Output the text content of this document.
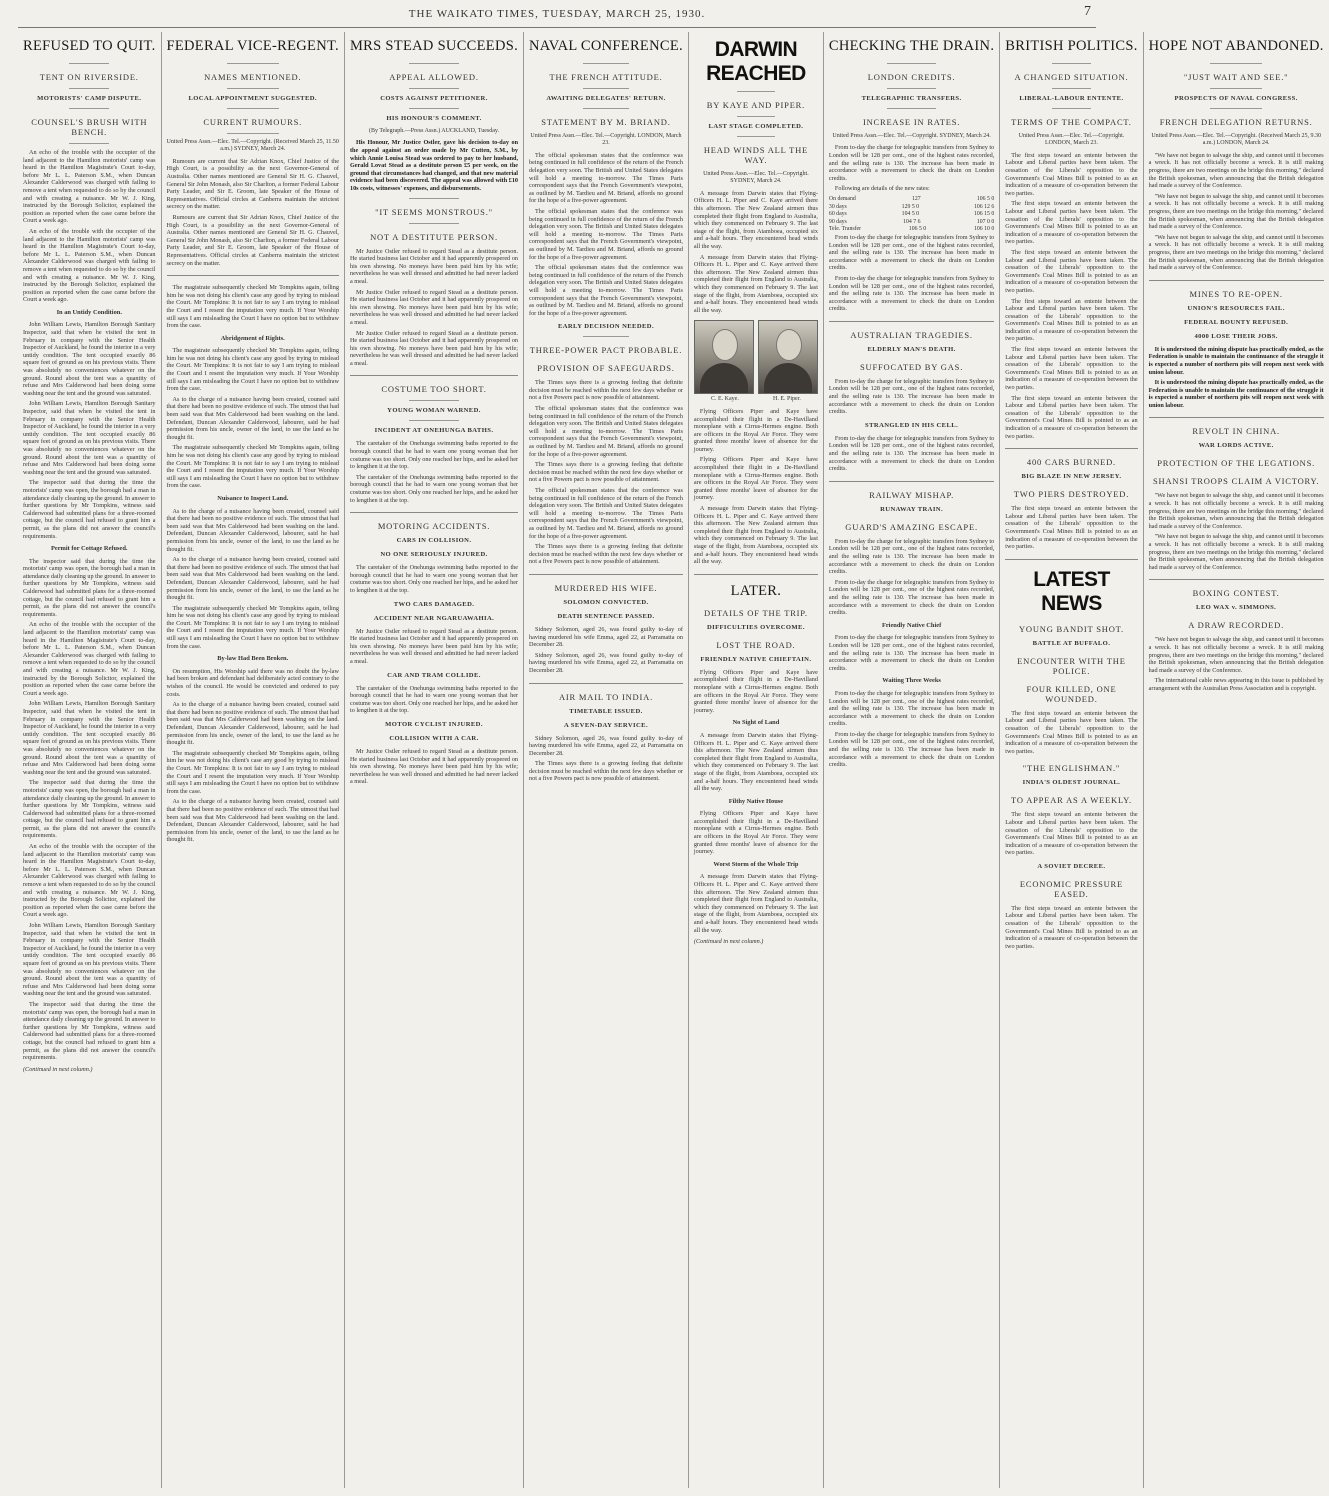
THE WAIKATO TIMES, TUESDAY, MARCH 25, 1930.	7
REFUSED TO QUIT.
TENT ON RIVERSIDE.
MOTORISTS' CAMP DISPUTE.
COUNSEL'S BRUSH WITH BENCH.

An echo of the trouble with the occupier of the land adjacent to the Hamilton motorists' camp was heard in the Hamilton Magistrate's Court to-day, before Mr L. L. Paterson S.M., when Duncan Alexander Calderwood was charged with failing to remove a tent when requested to do so by the council and with creating a nuisance. Mr W. J. King, instructed by the Borough Solicitor, explained the position as reported when the case came before the Court a week ago.

An echo of the trouble with the occupier of the land adjacent to the Hamilton motorists' camp was heard in the Hamilton Magistrate's Court to-day, before Mr L. L. Paterson S.M., when Duncan Alexander Calderwood was charged with failing to remove a tent when requested to do so by the council and with creating a nuisance. Mr W. J. King, instructed by the Borough Solicitor, explained the position as reported when the case came before the Court a week ago.

In an Untidy Condition.

John William Lewis, Hamilton Borough Sanitary Inspector, said that when he visited the tent in February in company with the Senior Health Inspector of Auckland, he found the interior in a very untidy condition. The tent occupied exactly 86 square feet of ground as on his previous visits. There was absolutely no conveniences whatever on the ground. Round about the tent was a quantity of refuse and Mrs Calderwood had been doing some washing near the tent and the ground was saturated.

John William Lewis, Hamilton Borough Sanitary Inspector, said that when he visited the tent in February in company with the Senior Health Inspector of Auckland, he found the interior in a very untidy condition. The tent occupied exactly 86 square feet of ground as on his previous visits. There was absolutely no conveniences whatever on the ground. Round about the tent was a quantity of refuse and Mrs Calderwood had been doing some washing near the tent and the ground was saturated.

The inspector said that during the time the motorists' camp was open, the borough had a man in attendance daily cleaning up the ground. In answer to further questions by Mr Tompkins, witness said Calderwood had submitted plans for a three-roomed cottage, but the council had refused to grant him a permit, as the plans did not answer the council's requirements.

Permit for Cottage Refused.

The inspector said that during the time the motorists' camp was open, the borough had a man in attendance daily cleaning up the ground. In answer to further questions by Mr Tompkins, witness said Calderwood had submitted plans for a three-roomed cottage, but the council had refused to grant him a permit, as the plans did not answer the council's requirements.

An echo of the trouble with the occupier of the land adjacent to the Hamilton motorists' camp was heard in the Hamilton Magistrate's Court to-day, before Mr L. L. Paterson S.M., when Duncan Alexander Calderwood was charged with failing to remove a tent when requested to do so by the council and with creating a nuisance. Mr W. J. King, instructed by the Borough Solicitor, explained the position as reported when the case came before the Court a week ago.

John William Lewis, Hamilton Borough Sanitary Inspector, said that when he visited the tent in February in company with the Senior Health Inspector of Auckland, he found the interior in a very untidy condition. The tent occupied exactly 86 square feet of ground as on his previous visits. There was absolutely no conveniences whatever on the ground. Round about the tent was a quantity of refuse and Mrs Calderwood had been doing some washing near the tent and the ground was saturated.

The inspector said that during the time the motorists' camp was open, the borough had a man in attendance daily cleaning up the ground. In answer to further questions by Mr Tompkins, witness said Calderwood had submitted plans for a three-roomed cottage, but the council had refused to grant him a permit, as the plans did not answer the council's requirements.

An echo of the trouble with the occupier of the land adjacent to the Hamilton motorists' camp was heard in the Hamilton Magistrate's Court to-day, before Mr L. L. Paterson S.M., when Duncan Alexander Calderwood was charged with failing to remove a tent when requested to do so by the council and with creating a nuisance. Mr W. J. King, instructed by the Borough Solicitor, explained the position as reported when the case came before the Court a week ago.

John William Lewis, Hamilton Borough Sanitary Inspector, said that when he visited the tent in February in company with the Senior Health Inspector of Auckland, he found the interior in a very untidy condition. The tent occupied exactly 86 square feet of ground as on his previous visits. There was absolutely no conveniences whatever on the ground. Round about the tent was a quantity of refuse and Mrs Calderwood had been doing some washing near the tent and the ground was saturated.

The inspector said that during the time the motorists' camp was open, the borough had a man in attendance daily cleaning up the ground. In answer to further questions by Mr Tompkins, witness said Calderwood had submitted plans for a three-roomed cottage, but the council had refused to grant him a permit, as the plans did not answer the council's requirements.

(Continued in next column.)
FEDERAL VICE-REGENT.
NAMES MENTIONED.
LOCAL APPOINTMENT SUGGESTED.
CURRENT RUMOURS.
United Press Assn.—Elec. Tel.—Copyright. (Received March 25, 11.50 a.m.) SYDNEY, March 24.

Rumours are current that Sir Adrian Knox, Chief Justice of the High Court, is a possibility as the next Governor-General of Australia. Other names mentioned are General Sir H. G. Chauvel, General Sir John Monash, also Sir Charlton, a former Federal Labour Party Leader, and Sir E. Groom, late Speaker of the House of Representatives. Official circles at Canberra maintain the strictest secrecy on the matter.

Rumours are current that Sir Adrian Knox, Chief Justice of the High Court, is a possibility as the next Governor-General of Australia. Other names mentioned are General Sir H. G. Chauvel, General Sir John Monash, also Sir Charlton, a former Federal Labour Party Leader, and Sir E. Groom, late Speaker of the House of Representatives. Official circles at Canberra maintain the strictest secrecy on the matter.

The magistrate subsequently checked Mr Tompkins again, telling him he was not doing his client's case any good by trying to mislead the Court. Mr Tompkins: It is not fair to say I am trying to mislead the Court and I resent the imputation very much. If Your Worship still says I am misleading the Court I have no option but to withdraw from the case.

Abridgement of Rights.

The magistrate subsequently checked Mr Tompkins again, telling him he was not doing his client's case any good by trying to mislead the Court. Mr Tompkins: It is not fair to say I am trying to mislead the Court and I resent the imputation very much. If Your Worship still says I am misleading the Court I have no option but to withdraw from the case.

As to the charge of a nuisance having been created, counsel said that there had been no positive evidence of such. The utmost that had been said was that Mrs Calderwood had been washing on the land. Defendant, Duncan Alexander Calderwood, labourer, said he had permission from his uncle, owner of the land, to use the land as he thought fit.

The magistrate subsequently checked Mr Tompkins again, telling him he was not doing his client's case any good by trying to mislead the Court. Mr Tompkins: It is not fair to say I am trying to mislead the Court and I resent the imputation very much. If Your Worship still says I am misleading the Court I have no option but to withdraw from the case.

Nuisance to Inspect Land.

As to the charge of a nuisance having been created, counsel said that there had been no positive evidence of such. The utmost that had been said was that Mrs Calderwood had been washing on the land. Defendant, Duncan Alexander Calderwood, labourer, said he had permission from his uncle, owner of the land, to use the land as he thought fit.

As to the charge of a nuisance having been created, counsel said that there had been no positive evidence of such. The utmost that had been said was that Mrs Calderwood had been washing on the land. Defendant, Duncan Alexander Calderwood, labourer, said he had permission from his uncle, owner of the land, to use the land as he thought fit.

The magistrate subsequently checked Mr Tompkins again, telling him he was not doing his client's case any good by trying to mislead the Court. Mr Tompkins: It is not fair to say I am trying to mislead the Court and I resent the imputation very much. If Your Worship still says I am misleading the Court I have no option but to withdraw from the case.

By-law Had Been Broken.

On resumption, His Worship said there was no doubt the by-law had been broken and defendant had deliberately acted contrary to the wishes of the council. He would be convicted and ordered to pay costs.

As to the charge of a nuisance having been created, counsel said that there had been no positive evidence of such. The utmost that had been said was that Mrs Calderwood had been washing on the land. Defendant, Duncan Alexander Calderwood, labourer, said he had permission from his uncle, owner of the land, to use the land as he thought fit.

The magistrate subsequently checked Mr Tompkins again, telling him he was not doing his client's case any good by trying to mislead the Court. Mr Tompkins: It is not fair to say I am trying to mislead the Court and I resent the imputation very much. If Your Worship still says I am misleading the Court I have no option but to withdraw from the case.

As to the charge of a nuisance having been created, counsel said that there had been no positive evidence of such. The utmost that had been said was that Mrs Calderwood had been washing on the land. Defendant, Duncan Alexander Calderwood, labourer, said he had permission from his uncle, owner of the land, to use the land as he thought fit.

MRS STEAD SUCCEEDS.
APPEAL ALLOWED.
COSTS AGAINST PETITIONER.
HIS HONOUR'S COMMENT.
(By Telegraph.—Press Assn.) AUCKLAND, Tuesday.

His Honour, Mr Justice Ostler, gave his decision to-day on the appeal against an order made by Mr Cutten, S.M., by which Annie Louisa Stead was ordered to pay to her husband, Gerald Lovat Stead as a destitute person £5 per week, on the ground that circumstances had changed, and that new material evidence had been discovered. The appeal was allowed with £10 10s costs, witnesses' expenses, and disbursements.

"IT SEEMS MONSTROUS."
NOT A DESTITUTE PERSON.

Mr Justice Ostler refused to regard Stead as a destitute person. He started business last October and it had apparently prospered on his own showing. No moneys have been paid him by his wife; nevertheless he was well dressed and admitted he had never lacked a meal.

Mr Justice Ostler refused to regard Stead as a destitute person. He started business last October and it had apparently prospered on his own showing. No moneys have been paid him by his wife; nevertheless he was well dressed and admitted he had never lacked a meal.

Mr Justice Ostler refused to regard Stead as a destitute person. He started business last October and it had apparently prospered on his own showing. No moneys have been paid him by his wife; nevertheless he was well dressed and admitted he had never lacked a meal.

COSTUME TOO SHORT.
YOUNG WOMAN WARNED.
INCIDENT AT ONEHUNGA BATHS.

The caretaker of the Onehunga swimming baths reported to the borough council that he had to warn one young woman that her costume was too short. Only one reached her hips, and he asked her to lengthen it at the top.

The caretaker of the Onehunga swimming baths reported to the borough council that he had to warn one young woman that her costume was too short. Only one reached her hips, and he asked her to lengthen it at the top.

MOTORING ACCIDENTS.
CARS IN COLLISION.
NO ONE SERIOUSLY INJURED.

The caretaker of the Onehunga swimming baths reported to the borough council that he had to warn one young woman that her costume was too short. Only one reached her hips, and he asked her to lengthen it at the top.

TWO CARS DAMAGED.
ACCIDENT NEAR NGARUAWAHIA.

Mr Justice Ostler refused to regard Stead as a destitute person. He started business last October and it had apparently prospered on his own showing. No moneys have been paid him by his wife; nevertheless he was well dressed and admitted he had never lacked a meal.

CAR AND TRAM COLLIDE.

The caretaker of the Onehunga swimming baths reported to the borough council that he had to warn one young woman that her costume was too short. Only one reached her hips, and he asked her to lengthen it at the top.

MOTOR CYCLIST INJURED.
COLLISION WITH A CAR.

Mr Justice Ostler refused to regard Stead as a destitute person. He started business last October and it had apparently prospered on his own showing. No moneys have been paid him by his wife; nevertheless he was well dressed and admitted he had never lacked a meal.

NAVAL CONFERENCE.
THE FRENCH ATTITUDE.
AWAITING DELEGATES' RETURN.
STATEMENT BY M. BRIAND.
United Press Assn.—Elec. Tel.—Copyright. LONDON, March 23.

The official spokesman states that the conference was being continued in full confidence of the return of the French delegation very soon. The British and United States delegates will hold a meeting to-morrow. The Times Paris correspondent says that the French Government's viewpoint, as outlined by M. Tardieu and M. Briand, affords no ground for the hope of a five-power agreement.

The official spokesman states that the conference was being continued in full confidence of the return of the French delegation very soon. The British and United States delegates will hold a meeting to-morrow. The Times Paris correspondent says that the French Government's viewpoint, as outlined by M. Tardieu and M. Briand, affords no ground for the hope of a five-power agreement.

The official spokesman states that the conference was being continued in full confidence of the return of the French delegation very soon. The British and United States delegates will hold a meeting to-morrow. The Times Paris correspondent says that the French Government's viewpoint, as outlined by M. Tardieu and M. Briand, affords no ground for the hope of a five-power agreement.

EARLY DECISION NEEDED.
THREE-POWER PACT PROBABLE.
PROVISION OF SAFEGUARDS.

The Times says there is a growing feeling that definite decision must be reached within the next few days whether or not a five Powers pact is now possible of attainment.

The official spokesman states that the conference was being continued in full confidence of the return of the French delegation very soon. The British and United States delegates will hold a meeting to-morrow. The Times Paris correspondent says that the French Government's viewpoint, as outlined by M. Tardieu and M. Briand, affords no ground for the hope of a five-power agreement.

The Times says there is a growing feeling that definite decision must be reached within the next few days whether or not a five Powers pact is now possible of attainment.

The official spokesman states that the conference was being continued in full confidence of the return of the French delegation very soon. The British and United States delegates will hold a meeting to-morrow. The Times Paris correspondent says that the French Government's viewpoint, as outlined by M. Tardieu and M. Briand, affords no ground for the hope of a five-power agreement.

The Times says there is a growing feeling that definite decision must be reached within the next few days whether or not a five Powers pact is now possible of attainment.

MURDERED HIS WIFE.
SOLOMON CONVICTED.
DEATH SENTENCE PASSED.

Sidney Solomon, aged 26, was found guilty to-day of having murdered his wife Emma, aged 22, at Parramatta on December 28.

Sidney Solomon, aged 26, was found guilty to-day of having murdered his wife Emma, aged 22, at Parramatta on December 28.

AIR MAIL TO INDIA.
TIMETABLE ISSUED.
A SEVEN-DAY SERVICE.

Sidney Solomon, aged 26, was found guilty to-day of having murdered his wife Emma, aged 22, at Parramatta on December 28.

The Times says there is a growing feeling that definite decision must be reached within the next few days whether or not a five Powers pact is now possible of attainment.

DARWIN REACHED
BY KAYE AND PIPER.
LAST STAGE COMPLETED.
HEAD WINDS ALL THE WAY.
United Press Assn.—Elec. Tel.—Copyright. SYDNEY, March 24.

A message from Darwin states that Flying-Officers H. L. Piper and C. Kaye arrived there this afternoon. The New Zealand airmen thus completed their flight from England to Australia, which they commenced on February 9. The last stage of the flight, from Atamboea, occupied six and a-half hours. They encountered head winds all the way.

A message from Darwin states that Flying-Officers H. L. Piper and C. Kaye arrived there this afternoon. The New Zealand airmen thus completed their flight from England to Australia, which they commenced on February 9. The last stage of the flight, from Atamboea, occupied six and a-half hours. They encountered head winds all the way.

C. E. Kaye.	H. E. Piper.

Flying Officers Piper and Kaye have accomplished their flight in a De-Havilland monoplane with a Cirrus-Hermes engine. Both are officers in the Royal Air Force. They were granted three months' leave of absence for the journey.

Flying Officers Piper and Kaye have accomplished their flight in a De-Havilland monoplane with a Cirrus-Hermes engine. Both are officers in the Royal Air Force. They were granted three months' leave of absence for the journey.

A message from Darwin states that Flying-Officers H. L. Piper and C. Kaye arrived there this afternoon. The New Zealand airmen thus completed their flight from England to Australia, which they commenced on February 9. The last stage of the flight, from Atamboea, occupied six and a-half hours. They encountered head winds all the way.

LATER.
DETAILS OF THE TRIP.
DIFFICULTIES OVERCOME.
LOST THE ROAD.
FRIENDLY NATIVE CHIEFTAIN.

Flying Officers Piper and Kaye have accomplished their flight in a De-Havilland monoplane with a Cirrus-Hermes engine. Both are officers in the Royal Air Force. They were granted three months' leave of absence for the journey.

No Sight of Land

A message from Darwin states that Flying-Officers H. L. Piper and C. Kaye arrived there this afternoon. The New Zealand airmen thus completed their flight from England to Australia, which they commenced on February 9. The last stage of the flight, from Atamboea, occupied six and a-half hours. They encountered head winds all the way.

Filthy Native House

Flying Officers Piper and Kaye have accomplished their flight in a De-Havilland monoplane with a Cirrus-Hermes engine. Both are officers in the Royal Air Force. They were granted three months' leave of absence for the journey.

Worst Storm of the Whole Trip

A message from Darwin states that Flying-Officers H. L. Piper and C. Kaye arrived there this afternoon. The New Zealand airmen thus completed their flight from England to Australia, which they commenced on February 9. The last stage of the flight, from Atamboea, occupied six and a-half hours. They encountered head winds all the way.

(Continued in next column.)
CHECKING THE DRAIN.
LONDON CREDITS.
TELEGRAPHIC TRANSFERS.
INCREASE IN RATES.
United Press Assn.—Elec. Tel.—Copyright. SYDNEY, March 24.

From to-day the charge for telegraphic transfers from Sydney to London will be 128 per cent., one of the highest rates recorded, and the selling rate is 130. The increase has been made in accordance with a movement to check the drain on London credits.

Following are details of the new rates:

On demand	127	106 5 0
30 days	129 5 0	106 12 6
60 days	104 5 0	106 15 0
90 days	104 7 6	107 0 0
Tele. Transfer	106 5 0	106 10 0

From to-day the charge for telegraphic transfers from Sydney to London will be 128 per cent., one of the highest rates recorded, and the selling rate is 130. The increase has been made in accordance with a movement to check the drain on London credits.

From to-day the charge for telegraphic transfers from Sydney to London will be 128 per cent., one of the highest rates recorded, and the selling rate is 130. The increase has been made in accordance with a movement to check the drain on London credits.

AUSTRALIAN TRAGEDIES.
ELDERLY MAN'S DEATH.
SUFFOCATED BY GAS.

From to-day the charge for telegraphic transfers from Sydney to London will be 128 per cent., one of the highest rates recorded, and the selling rate is 130. The increase has been made in accordance with a movement to check the drain on London credits.

STRANGLED IN HIS CELL.

From to-day the charge for telegraphic transfers from Sydney to London will be 128 per cent., one of the highest rates recorded, and the selling rate is 130. The increase has been made in accordance with a movement to check the drain on London credits.

RAILWAY MISHAP.
RUNAWAY TRAIN.
GUARD'S AMAZING ESCAPE.

From to-day the charge for telegraphic transfers from Sydney to London will be 128 per cent., one of the highest rates recorded, and the selling rate is 130. The increase has been made in accordance with a movement to check the drain on London credits.

From to-day the charge for telegraphic transfers from Sydney to London will be 128 per cent., one of the highest rates recorded, and the selling rate is 130. The increase has been made in accordance with a movement to check the drain on London credits.

Friendly Native Chief

From to-day the charge for telegraphic transfers from Sydney to London will be 128 per cent., one of the highest rates recorded, and the selling rate is 130. The increase has been made in accordance with a movement to check the drain on London credits.

Waiting Three Weeks

From to-day the charge for telegraphic transfers from Sydney to London will be 128 per cent., one of the highest rates recorded, and the selling rate is 130. The increase has been made in accordance with a movement to check the drain on London credits.

From to-day the charge for telegraphic transfers from Sydney to London will be 128 per cent., one of the highest rates recorded, and the selling rate is 130. The increase has been made in accordance with a movement to check the drain on London credits.

BRITISH POLITICS.
A CHANGED SITUATION.
LIBERAL-LABOUR ENTENTE.
TERMS OF THE COMPACT.
United Press Assn.—Elec. Tel.—Copyright. LONDON, March 23.

The first steps toward an entente between the Labour and Liberal parties have been taken. The cessation of the Liberals' opposition to the Government's Coal Mines Bill is pointed to as an indication of a measure of co-operation between the two parties.

The first steps toward an entente between the Labour and Liberal parties have been taken. The cessation of the Liberals' opposition to the Government's Coal Mines Bill is pointed to as an indication of a measure of co-operation between the two parties.

The first steps toward an entente between the Labour and Liberal parties have been taken. The cessation of the Liberals' opposition to the Government's Coal Mines Bill is pointed to as an indication of a measure of co-operation between the two parties.

The first steps toward an entente between the Labour and Liberal parties have been taken. The cessation of the Liberals' opposition to the Government's Coal Mines Bill is pointed to as an indication of a measure of co-operation between the two parties.

The first steps toward an entente between the Labour and Liberal parties have been taken. The cessation of the Liberals' opposition to the Government's Coal Mines Bill is pointed to as an indication of a measure of co-operation between the two parties.

The first steps toward an entente between the Labour and Liberal parties have been taken. The cessation of the Liberals' opposition to the Government's Coal Mines Bill is pointed to as an indication of a measure of co-operation between the two parties.

400 CARS BURNED.
BIG BLAZE IN NEW JERSEY.
TWO PIERS DESTROYED.

The first steps toward an entente between the Labour and Liberal parties have been taken. The cessation of the Liberals' opposition to the Government's Coal Mines Bill is pointed to as an indication of a measure of co-operation between the two parties.

LATEST NEWS
YOUNG BANDIT SHOT.
BATTLE AT BUFFALO.
ENCOUNTER WITH THE POLICE.
FOUR KILLED, ONE WOUNDED.

The first steps toward an entente between the Labour and Liberal parties have been taken. The cessation of the Liberals' opposition to the Government's Coal Mines Bill is pointed to as an indication of a measure of co-operation between the two parties.

"THE ENGLISHMAN."
INDIA'S OLDEST JOURNAL.
TO APPEAR AS A WEEKLY.

The first steps toward an entente between the Labour and Liberal parties have been taken. The cessation of the Liberals' opposition to the Government's Coal Mines Bill is pointed to as an indication of a measure of co-operation between the two parties.

A SOVIET DECREE.
ECONOMIC PRESSURE EASED.

The first steps toward an entente between the Labour and Liberal parties have been taken. The cessation of the Liberals' opposition to the Government's Coal Mines Bill is pointed to as an indication of a measure of co-operation between the two parties.

HOPE NOT ABANDONED.
"JUST WAIT AND SEE."
PROSPECTS OF NAVAL CONGRESS.
FRENCH DELEGATION RETURNS.
United Press Assn.—Elec. Tel.—Copyright. (Received March 25, 9.30 a.m.) LONDON, March 24.

"We have not begun to salvage the ship, and cannot until it becomes a wreck. It has not officially become a wreck. It is still making progress, there are two meetings on the bridge this morning," declared the British spokesman, when announcing that the British delegation had made a survey of the Conference.

"We have not begun to salvage the ship, and cannot until it becomes a wreck. It has not officially become a wreck. It is still making progress, there are two meetings on the bridge this morning," declared the British spokesman, when announcing that the British delegation had made a survey of the Conference.

"We have not begun to salvage the ship, and cannot until it becomes a wreck. It has not officially become a wreck. It is still making progress, there are two meetings on the bridge this morning," declared the British spokesman, when announcing that the British delegation had made a survey of the Conference.

MINES TO RE-OPEN.
UNION'S RESOURCES FAIL.
FEDERAL BOUNTY REFUSED.
4000 LOSE THEIR JOBS.

It is understood the mining dispute has practically ended, as the Federation is unable to maintain the continuance of the struggle it is expected a number of northern pits will reopen next week with union labour.

It is understood the mining dispute has practically ended, as the Federation is unable to maintain the continuance of the struggle it is expected a number of northern pits will reopen next week with union labour.

REVOLT IN CHINA.
WAR LORDS ACTIVE.
PROTECTION OF THE LEGATIONS.
SHANSI TROOPS CLAIM A VICTORY.

"We have not begun to salvage the ship, and cannot until it becomes a wreck. It has not officially become a wreck. It is still making progress, there are two meetings on the bridge this morning," declared the British spokesman, when announcing that the British delegation had made a survey of the Conference.

"We have not begun to salvage the ship, and cannot until it becomes a wreck. It has not officially become a wreck. It is still making progress, there are two meetings on the bridge this morning," declared the British spokesman, when announcing that the British delegation had made a survey of the Conference.

BOXING CONTEST.
LEO WAX v. SIMMONS.
A DRAW RECORDED.

"We have not begun to salvage the ship, and cannot until it becomes a wreck. It has not officially become a wreck. It is still making progress, there are two meetings on the bridge this morning," declared the British spokesman, when announcing that the British delegation had made a survey of the Conference.

The international cable news appearing in this issue is published by arrangement with the Australian Press Association and is copyright.
